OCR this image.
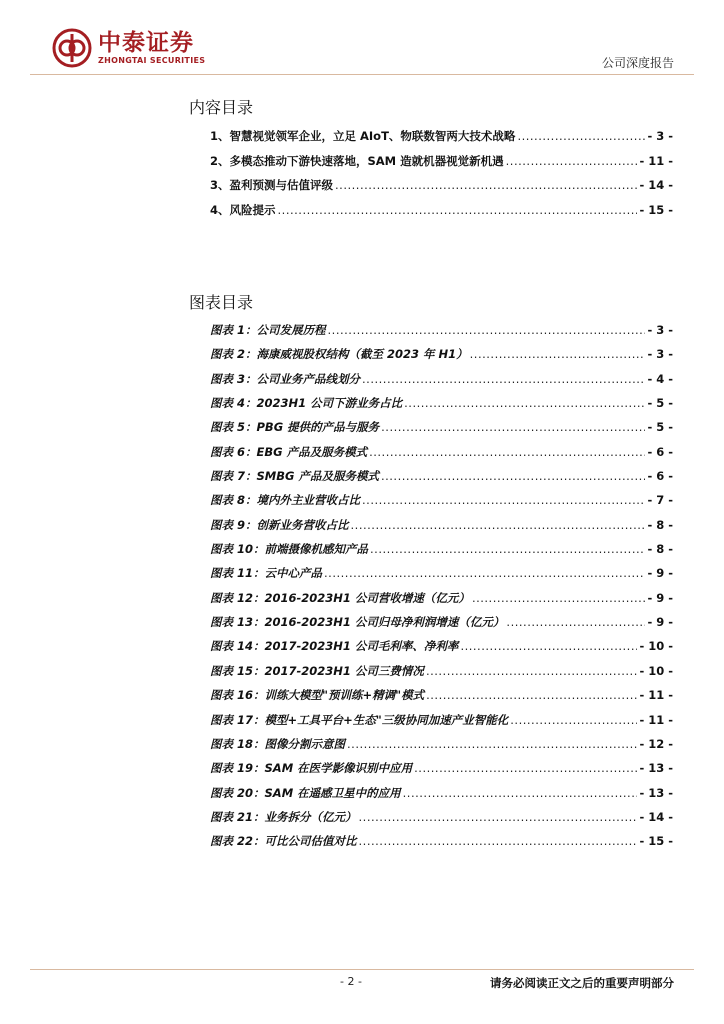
中泰证券
ZHONGTAI SECURITIES	公司深度报告
内容目录
1、智慧视觉领军企业，立足 AIoT、物联数智两大技术战略 .....	- 3 -
2、多模态推动下游快速落地，SAM 造就机器视觉新机遇 .....	- 11 -
3、盈利预测与估值评级 .....	- 14 -
4、风险提示 .....	- 15 -
图表目录
图表 1：公司发展历程 .....	- 3 -
图表 2：海康威视股权结构（截至 2023 年 H1） .....	- 3 -
图表 3：公司业务产品线划分 .....	- 4 -
图表 4：2023H1 公司下游业务占比 .....	- 5 -
图表 5：PBG 提供的产品与服务 .....	- 5 -
图表 6：EBG 产品及服务模式 .....	- 6 -
图表 7：SMBG 产品及服务模式 .....	- 6 -
图表 8：境内外主业营收占比 .....	- 7 -
图表 9：创新业务营收占比 .....	- 8 -
图表 10：前端摄像机感知产品 .....	- 8 -
图表 11：云中心产品 .....	- 9 -
图表 12：2016-2023H1 公司营收增速（亿元） .....	- 9 -
图表 13：2016-2023H1 公司归母净利润增速（亿元） .....	- 9 -
图表 14：2017-2023H1 公司毛利率、净利率 .....	- 10 -
图表 15：2017-2023H1 公司三费情况 .....	- 10 -
图表 16：训练大模型"预训练+精调"模式 .....	- 11 -
图表 17：模型+工具平台+生态"三级协同加速产业智能化 .....	- 11 -
图表 18：图像分割示意图 .....	- 12 -
图表 19：SAM 在医学影像识别中应用 .....	- 13 -
图表 20：SAM 在遥感卫星中的应用 .....	- 13 -
图表 21：业务拆分（亿元） .....	- 14 -
图表 22：可比公司估值对比 .....	- 15 -
- 2 -	请务必阅读正文之后的重要声明部分
